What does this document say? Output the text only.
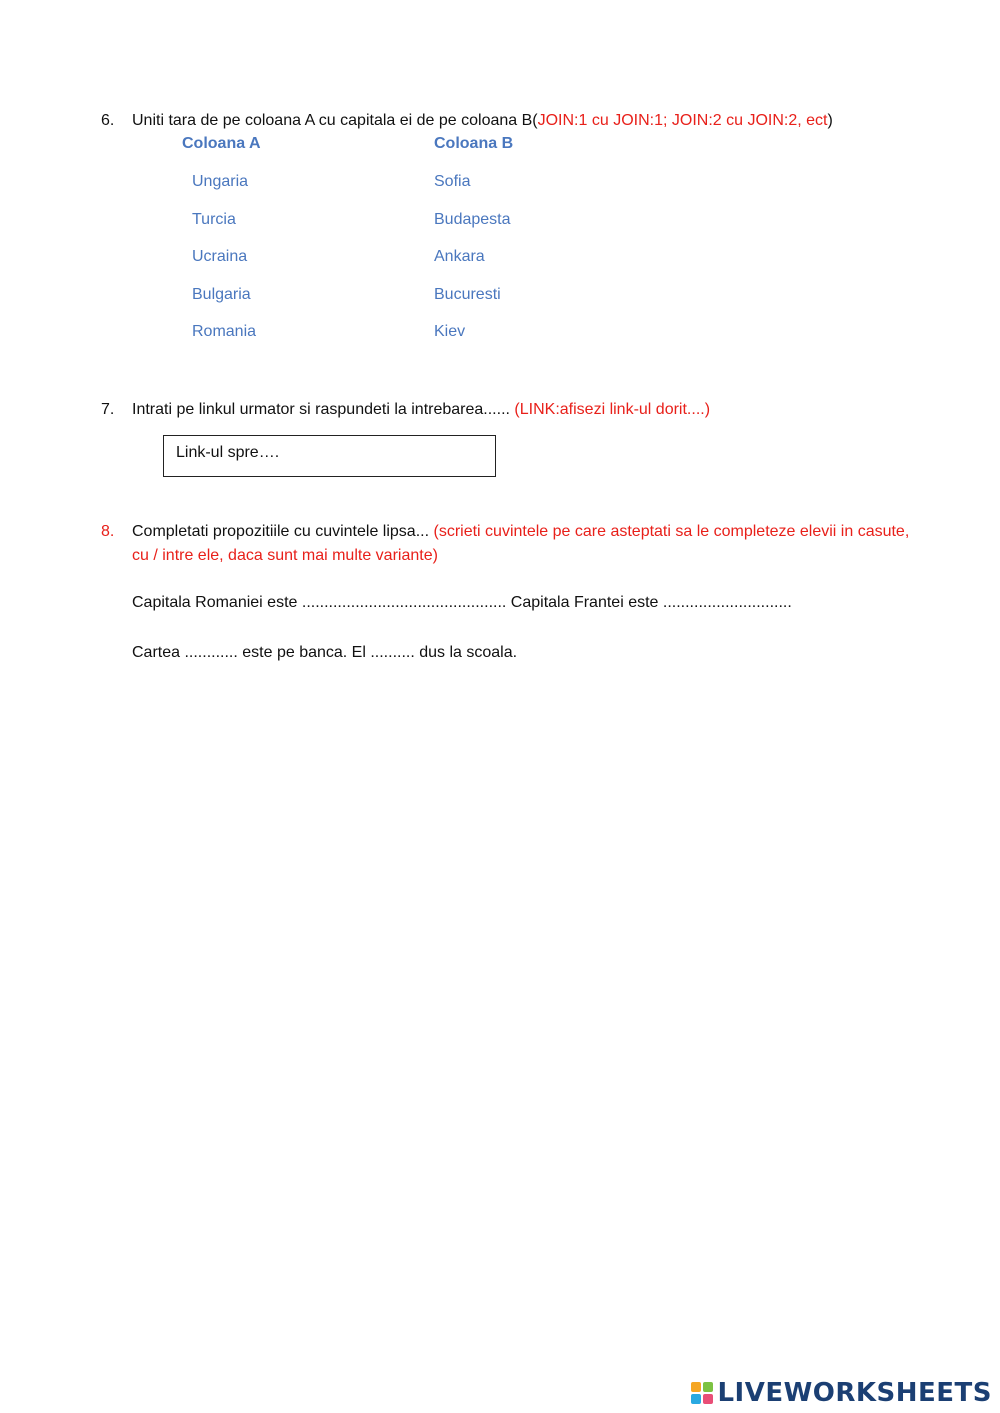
6. Uniti tara de pe coloana A cu capitala ei de pe coloana B(JOIN:1 cu JOIN:1; JOIN:2 cu JOIN:2, ect)
Coloana A	Coloana B
Ungaria
Turcia
Ucraina
Bulgaria
Romania
Sofia
Budapesta
Ankara
Bucuresti
Kiev
7. Intrati pe linkul urmator si raspundeti la intrebarea...... (LINK:afisezi link-ul dorit....)
Link-ul spre….
8. Completati propozitiile cu cuvintele lipsa... (scrieti cuvintele pe care asteptati sa le completeze elevii in casute, cu / intre ele, daca sunt mai multe variante)
Capitala Romaniei este .............................................. Capitala Frantei este .............................
Cartea ............ este pe banca. El .......... dus la scoala.
LIVEWORKSHEETS
